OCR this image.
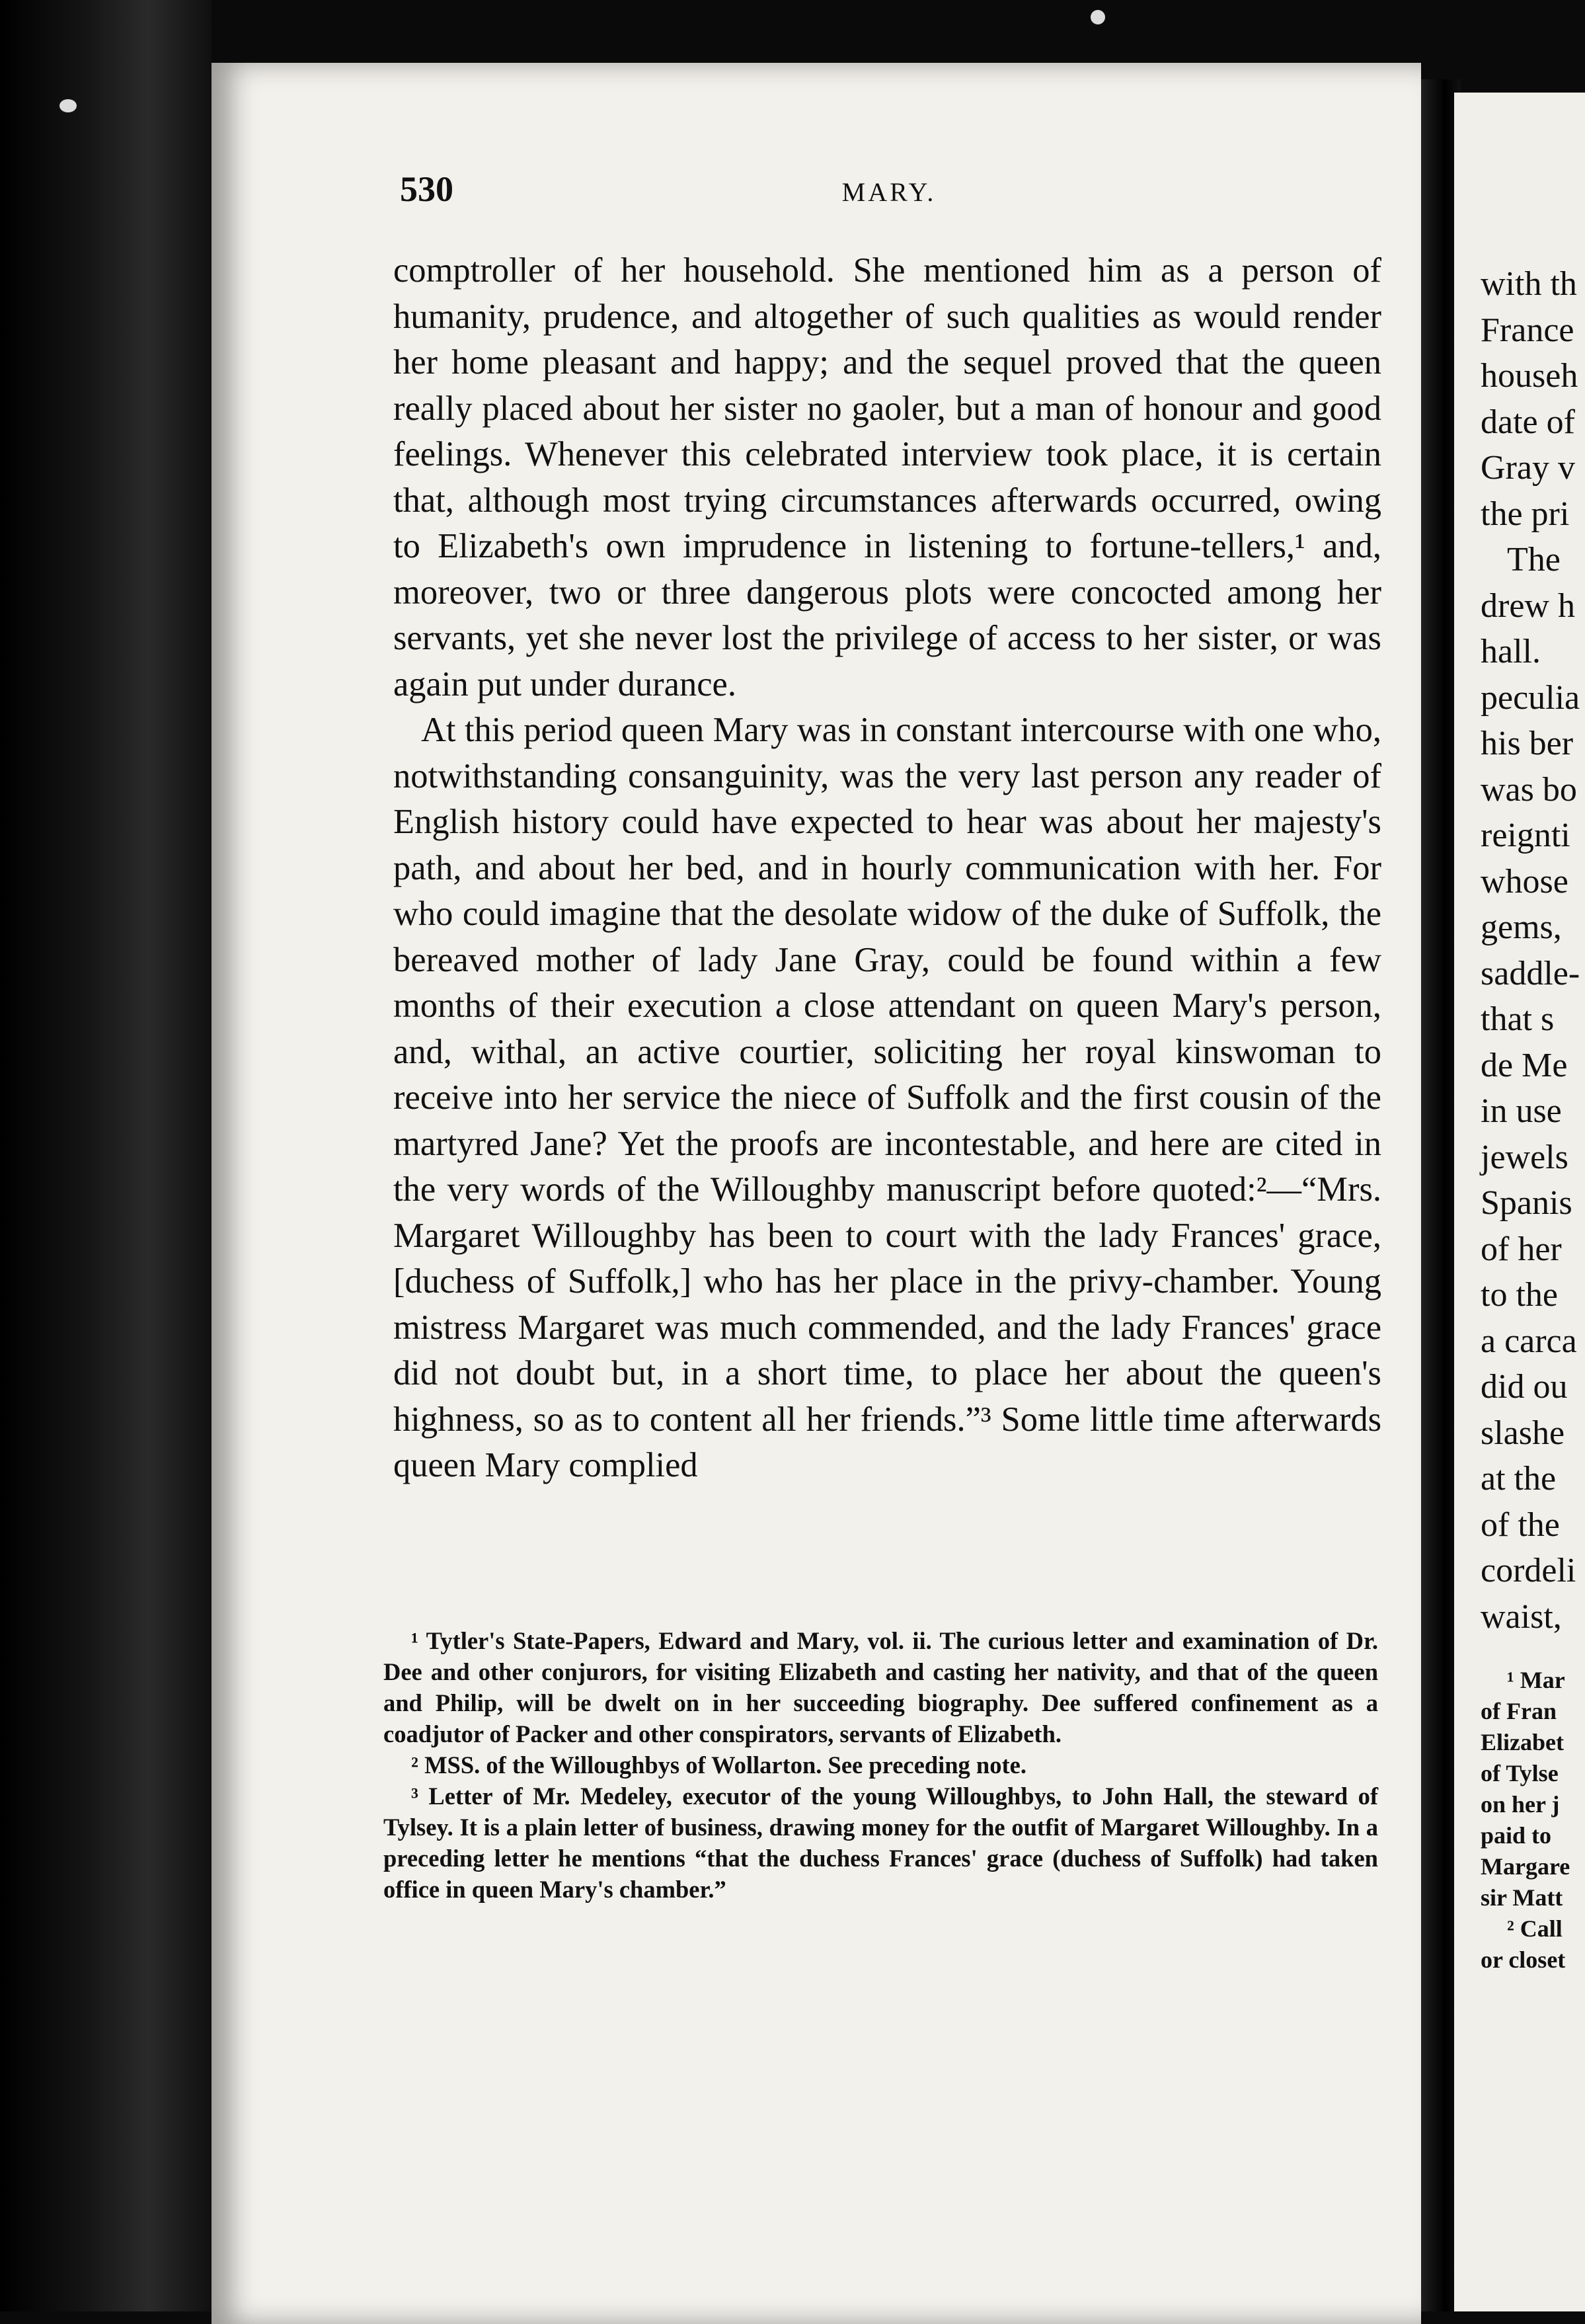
with th
France
househ
date of
Gray v
the pri
The
drew h
hall.
peculia
his ber
was bo
reignti
whose
gems,
saddle-
that s
de Me
in use
jewels
Spanis
of her
to the
a carca
did ou
slashe
at the
of the
cordeli
waist,
¹ Mar
of Fran
Elizabet
of Tylse
on her j
paid to
Margare
sir Matt
² Call
or closet
530	MARY.

comptroller of her household. She mentioned him as a person of humanity, prudence, and altogether of such qualities as would render her home pleasant and happy; and the sequel proved that the queen really placed about her sister no gaoler, but a man of honour and good feelings. Whenever this celebrated interview took place, it is certain that, although most trying circumstances afterwards occurred, owing to Elizabeth's own imprudence in listening to fortune-tellers,¹ and, moreover, two or three dangerous plots were concocted among her servants, yet she never lost the privilege of access to her sister, or was again put under durance.

At this period queen Mary was in constant intercourse with one who, notwithstanding consanguinity, was the very last person any reader of English history could have expected to hear was about her majesty's path, and about her bed, and in hourly communication with her. For who could imagine that the desolate widow of the duke of Suffolk, the bereaved mother of lady Jane Gray, could be found within a few months of their execution a close attendant on queen Mary's person, and, withal, an active courtier, soliciting her royal kinswoman to receive into her service the niece of Suffolk and the first cousin of the martyred Jane? Yet the proofs are incontestable, and here are cited in the very words of the Willoughby manuscript before quoted:²—“Mrs. Margaret Willoughby has been to court with the lady Frances' grace, [duchess of Suffolk,] who has her place in the privy-chamber. Young mistress Margaret was much commended, and the lady Frances' grace did not doubt but, in a short time, to place her about the queen's highness, so as to content all her friends.”³ Some little time afterwards queen Mary complied

¹ Tytler's State-Papers, Edward and Mary, vol. ii. The curious letter and examination of Dr. Dee and other conjurors, for visiting Elizabeth and casting her nativity, and that of the queen and Philip, will be dwelt on in her succeeding biography. Dee suffered confinement as a coadjutor of Packer and other conspirators, servants of Elizabeth.

² MSS. of the Willoughbys of Wollarton. See preceding note.

³ Letter of Mr. Medeley, executor of the young Willoughbys, to John Hall, the steward of Tylsey. It is a plain letter of business, drawing money for the outfit of Margaret Willoughby. In a preceding letter he mentions “that the duchess Frances' grace (duchess of Suffolk) had taken office in queen Mary's chamber.”
